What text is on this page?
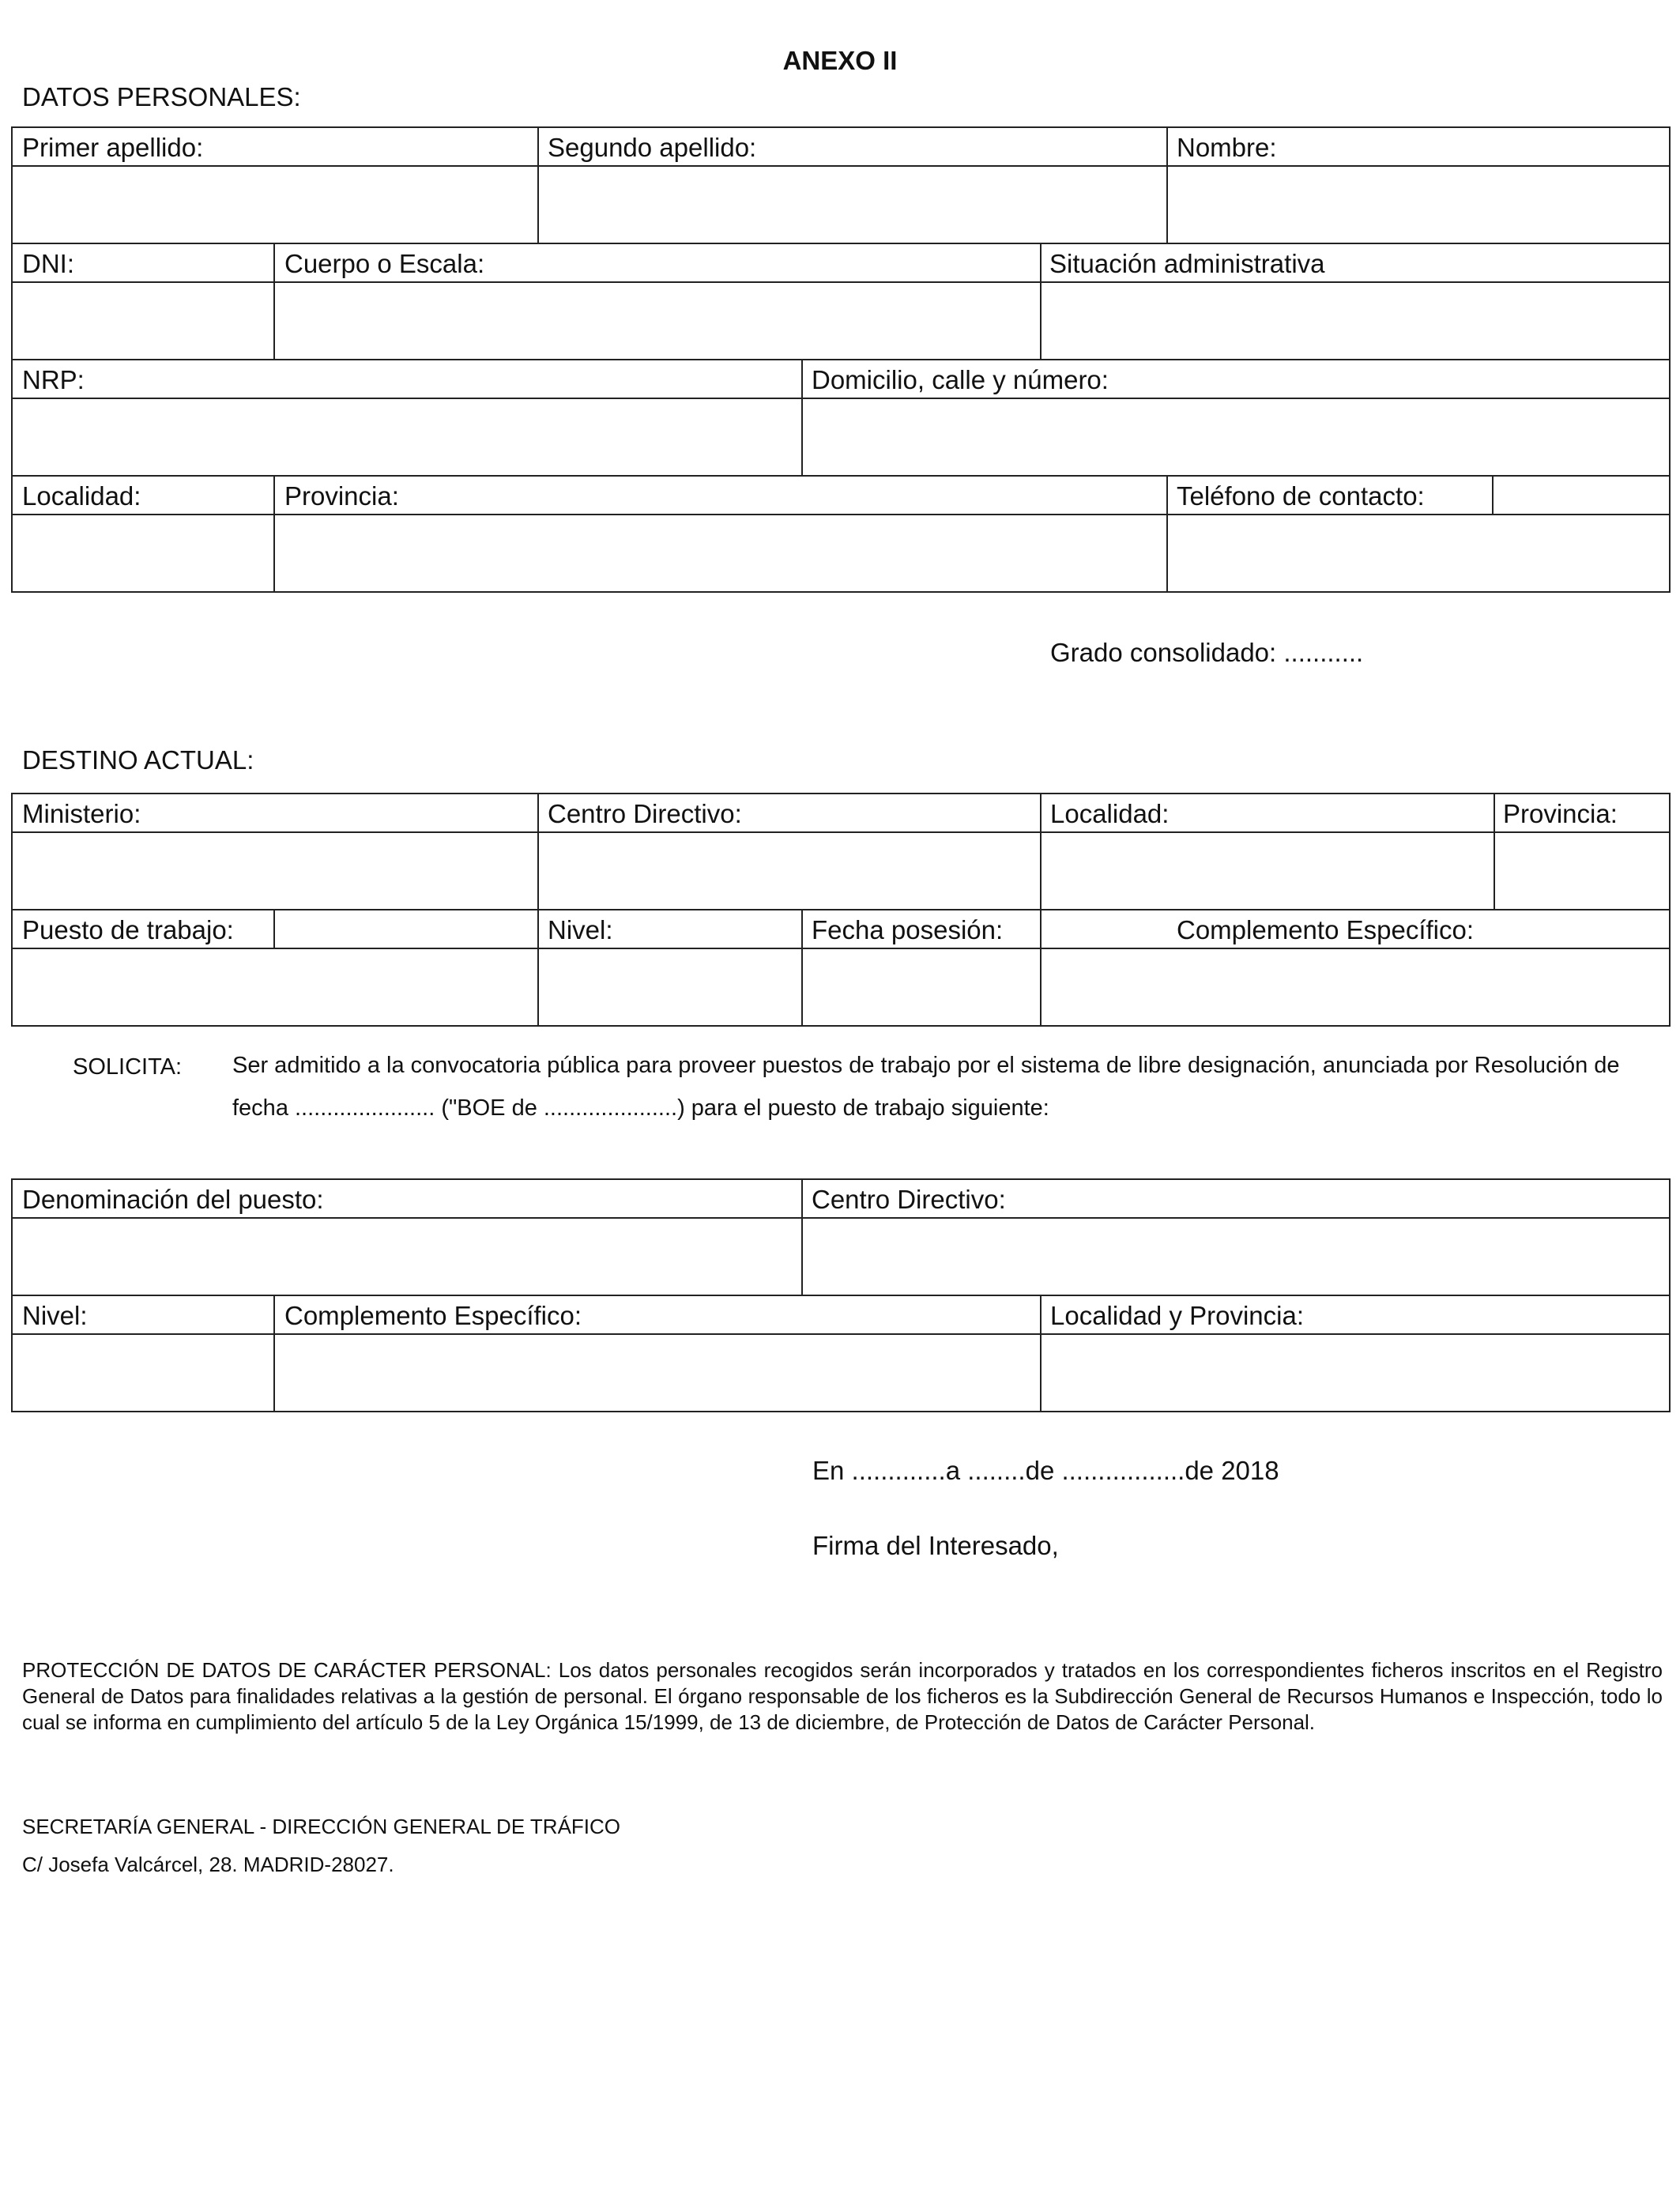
ANEXO II
DATOS PERSONALES:
Primer apellido:	Segundo apellido:	Nombre:
DNI:	Cuerpo o Escala:	Situación administrativa
NRP:	Domicilio, calle y número:
Localidad:	Provincia:	Teléfono de contacto:
Grado consolidado: ...........
DESTINO ACTUAL:
Ministerio:	Centro Directivo:	Localidad:	Provincia:
Puesto de trabajo:	Nivel:	Fecha posesión:	Complemento Específico:
SOLICITA: Ser admitido a la convocatoria pública para proveer puestos de trabajo por el sistema de libre designación, anunciada por Resolución de fecha ...................... ("BOE de .....................) para el puesto de trabajo siguiente:
Denominación del puesto:	Centro Directivo:
Nivel:	Complemento Específico:	Localidad y Provincia:
En .............a ........de .................de 2018
Firma del Interesado,
PROTECCIÓN DE DATOS DE CARÁCTER PERSONAL: Los datos personales recogidos serán incorporados y tratados en los correspondientes ficheros inscritos en el Registro General de Datos para finalidades relativas a la gestión de personal. El órgano responsable de los ficheros es la Subdirección General de Recursos Humanos e Inspección, todo lo cual se informa en cumplimiento del artículo 5 de la Ley Orgánica 15/1999, de 13 de diciembre, de Protección de Datos de Carácter Personal.
SECRETARÍA GENERAL - DIRECCIÓN GENERAL DE TRÁFICO
C/ Josefa Valcárcel, 28. MADRID-28027.
